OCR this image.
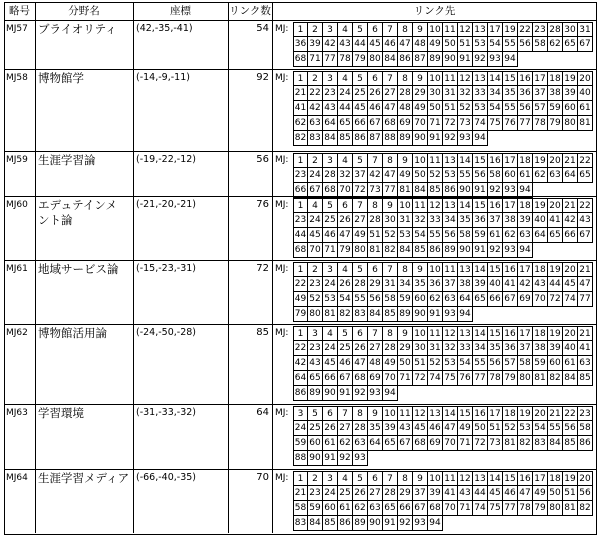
略号	分野名	座標	リンク数	リンク先
MJ57 ブライオリティ (42,-35,-41)	54 MJ:	1 2	3	4	5	6	7	8	9 10 11 12 13 17 19 22 23 28 30 31
36 39 42 43 44 45 46 47 48 49 50 51 53 54 55 56 58 62 65 67
68 71 77 78 79 80 84 86 87 89 90 91 92 93 94
MJ58 博物館学	(-14,-9,-11)	92 MJ:	1 2	3	4	5	6	7	8	9 10 11 12 13 14 15 16 17 18 19 20
21 22 23 24 25 26 27 28 29 30 31 32 33 34 35 36 37 38 39 40
41 42 43 44 45 46 47 48 49 50 51 52 53 54 55 56 57 59 60 61
62 63 64 65 66 67 68 69 70 71 72 73 74 75 76 77 78 79 80 81
82 83 84 85 86 87 88 89 90 91 92 93 94
MJ59 生涯学習論	(-19,-22,-12)	56 MJ:	1 2	3	4	5	7	8	9 10 11 13 14 15 16 17 18 19 20 21 22
23 24 28 32 37 42 47 49 50 52 53 55 56 58 60 61 62 63 64 65
66 67 68 70 72 73 77 81 84 85 86 90 91 92 93 94
MJ60 エデュテインメ
ント論
(-21,-20,-21)	76 MJ:	1 4	5	6	7	8	9 10 11 12 13 14 15 16 17 18 19 20 21 22
23 24 25 26 27 28 30 31 32 33 34 35 36 37 38 39 40 41 42 43
44 45 46 47 49 51 52 53 54 55 56 58 59 61 62 63 64 65 66 67
68 70 71 79 80 81 82 84 85 86 89 90 91 92 93 94
MJ61 地域サービス論 (-15,-23,-31)	72 MJ:	1 2	3	4	5	6	7	8	9 10 11 13 14 15 16 17 18 19 20 21
22 23 24 26 28 29 31 34 35 36 37 38 39 40 41 42 43 44 45 47
49 52 53 54 55 56 58 59 60 62 63 64 65 66 67 69 70 72 74 77
79 80 81 82 83 84 85 89 90 91 93 94
MJ62 博物館活用論	(-24,-50,-28)	85 MJ:	1 3	4	5	6	7	8	9 10 11 12 13 14 15 16 17 18 19 20 21
22 23 24 25 26 27 28 29 30 31 32 33 34 35 36 37 38 39 40 41
42 43 45 46 47 48 49 50 51 52 53 54 55 56 57 58 59 60 61 63
64 65 66 67 68 69 70 71 72 74 75 76 77 78 79 80 81 82 84 85
86 89 90 91 92 93 94
MJ63 学習環境	(-31,-33,-32)	64 MJ:	3 5	6	7	8	9 10 11 12 13 14 15 16 17 18 19 20 21 22 23
24 25 26 27 28 35 39 43 45 46 47 49 50 51 52 53 54 55 56 58
59 60 61 62 63 64 65 67 68 69 70 71 72 73 81 82 83 84 85 86
88 90 91 92 93
MJ64 生涯学習メディア (-66,-40,-35)	70 MJ:	1 2	3	4	5	6	7	8	9 10 11 12 13 14 15 16 17 18 19 20
21 23 24 25 26 27 28 29 37 39 41 43 44 45 46 47 49 50 51 56
58 59 60 61 62 63 65 66 67 68 70 71 74 75 77 78 79 80 81 82
83 84 85 86 89 90 91 92 93 94
